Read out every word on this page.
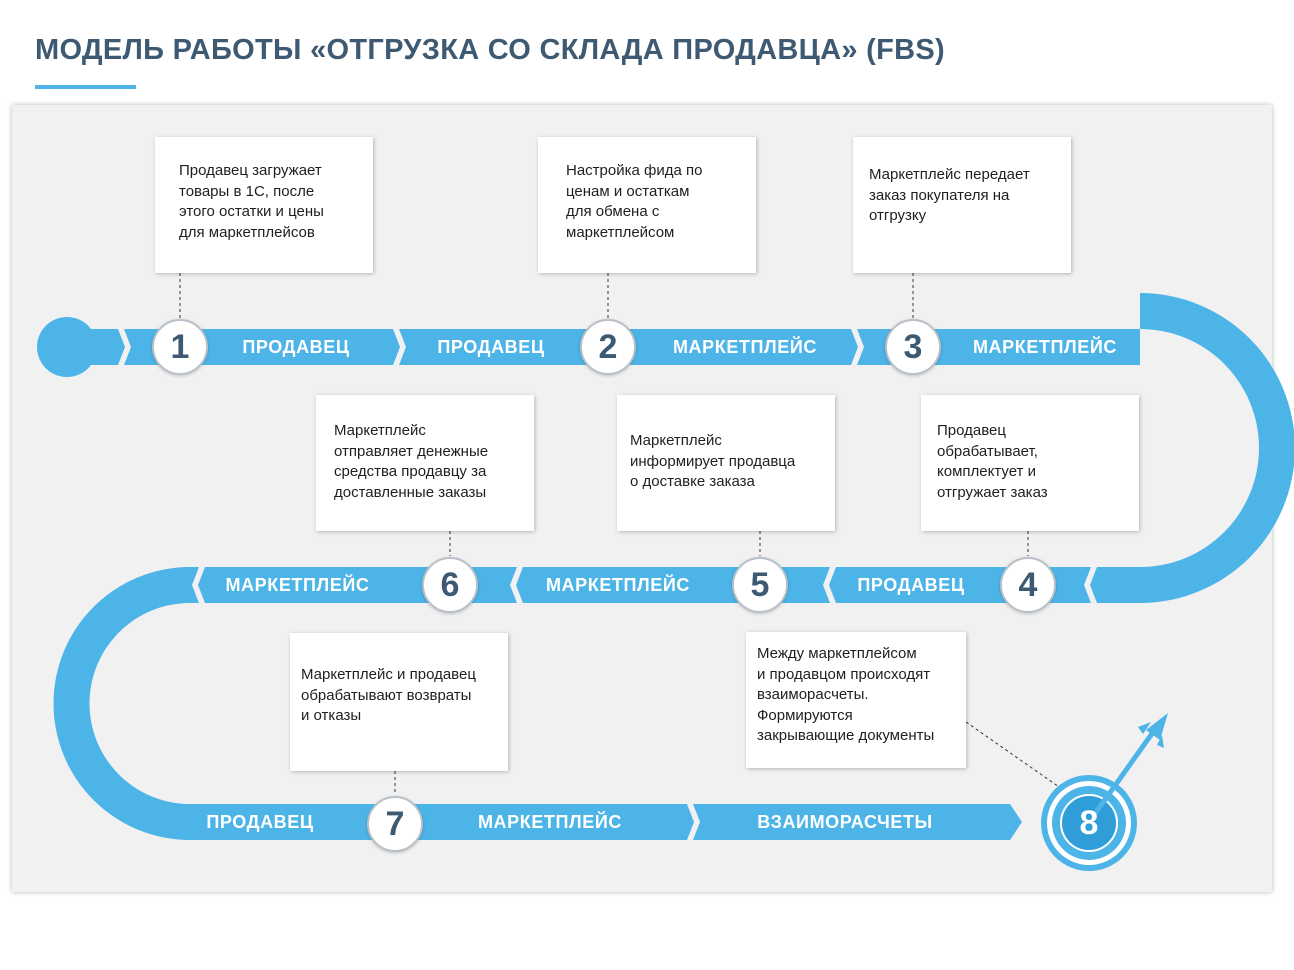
МОДЕЛЬ РАБОТЫ «ОТГРУЗКА СО СКЛАДА ПРОДАВЦА» (FBS)
ПРОДАВЕЦ	ПРОДАВЕЦ	МАРКЕТПЛЕЙС	МАРКЕТПЛЕЙС
ПРОДАВЕЦ
МАРКЕТПЛЕЙС
МАРКЕТПЛЕЙС
ПРОДАВЕЦ	МАРКЕТПЛЕЙС	ВЗАИМОРАСЧЕТЫ
1	2	3
4
5
6
7	8
Продавец загружает
товары в 1С, после
этого остатки и цены
для маркетплейсов
Настройка фида по
ценам и остаткам
для обмена с
маркетплейсом
Маркетплейс передает
заказ покупателя на
отгрузку
Продавец
обрабатывает,
комплектует и
отгружает заказ
Маркетплейс
информирует продавца
о доставке заказа
Маркетплейс
отправляет денежные
средства продавцу за
доставленные заказы
Маркетплейс и продавец
обрабатывают возвраты
и отказы
Между маркетплейсом
и продавцом происходят
взаиморасчеты.
Формируются
закрывающие документы
